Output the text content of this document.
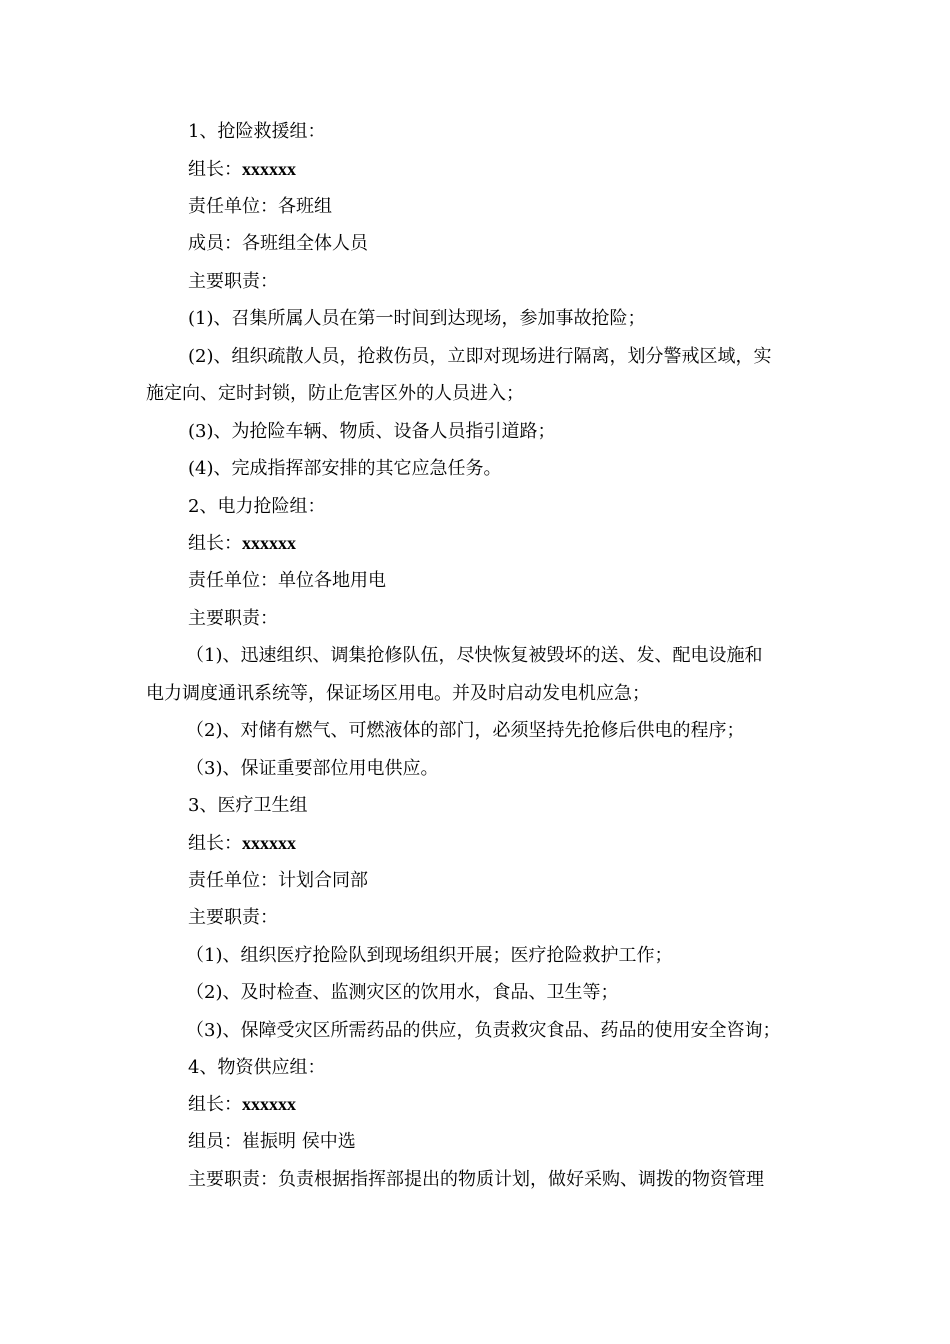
1、抢险救援组：
组长：xxxxxx
责任单位：各班组
成员：各班组全体人员
主要职责：
(1)、召集所属人员在第一时间到达现场，参加事故抢险；
(2)、组织疏散人员，抢救伤员，立即对现场进行隔离，划分警戒区域，实
施定向、定时封锁，防止危害区外的人员进入；
(3)、为抢险车辆、物质、设备人员指引道路；
(4)、完成指挥部安排的其它应急任务。
2、电力抢险组：
组长：xxxxxx
责任单位：单位各地用电
主要职责：
（1)、迅速组织、调集抢修队伍，尽快恢复被毁坏的送、发、配电设施和
电力调度通讯系统等，保证场区用电。并及时启动发电机应急；
（2)、对储有燃气、可燃液体的部门，必须坚持先抢修后供电的程序；
（3)、保证重要部位用电供应。
3、医疗卫生组
组长：xxxxxx
责任单位：计划合同部
主要职责：
（1)、组织医疗抢险队到现场组织开展；医疗抢险救护工作；
（2)、及时检查、监测灾区的饮用水，食品、卫生等；
（3)、保障受灾区所需药品的供应，负责救灾食品、药品的使用安全咨询；
4、物资供应组：
组长：xxxxxx
组员：崔振明 侯中选
主要职责：负责根据指挥部提出的物质计划，做好采购、调拨的物资管理
